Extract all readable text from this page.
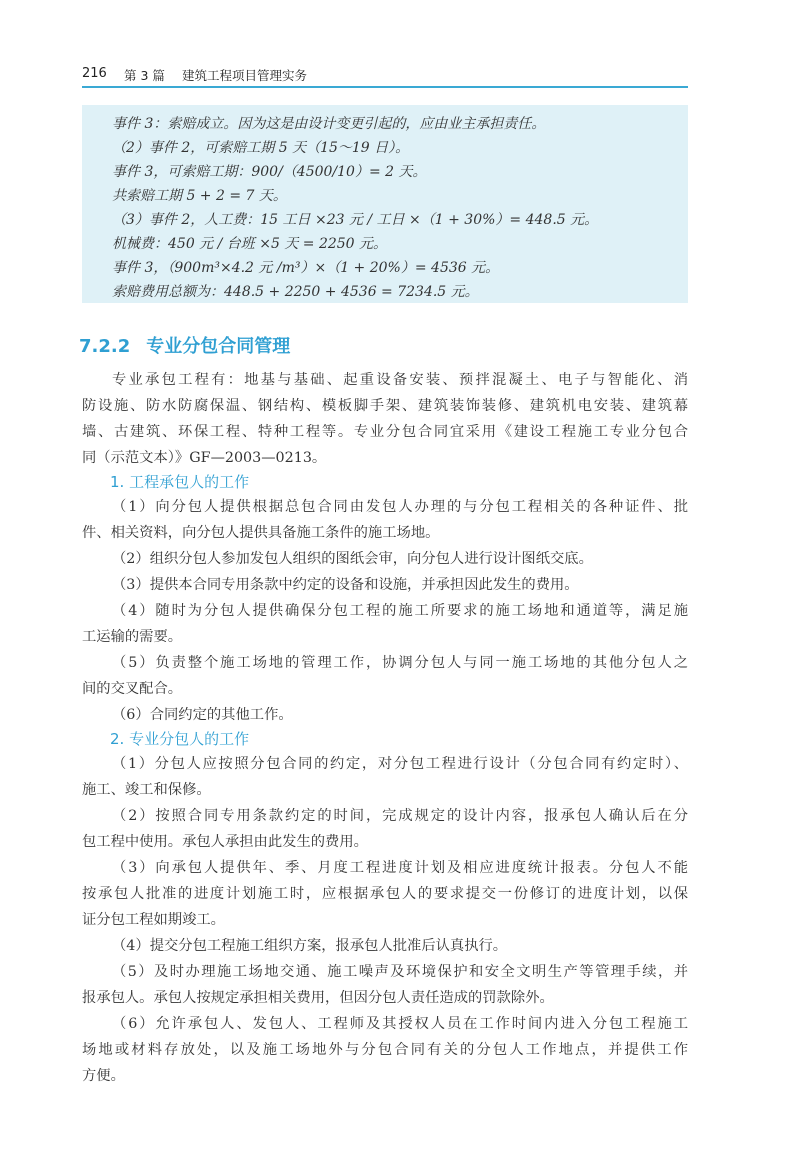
216 第 3 篇 建筑工程项目管理实务
事件 3：索赔成立。因为这是由设计变更引起的，应由业主承担责任。
（2）事件 2，可索赔工期 5 天（15～19 日）。
事件 3，可索赔工期：900/（4500/10）= 2 天。
共索赔工期 5 + 2 = 7 天。
（3）事件 2，人工费：15 工日 ×23 元 / 工日 ×（1 + 30%）= 448.5 元。
机械费：450 元 / 台班 ×5 天 = 2250 元。
事件 3，（900m³×4.2 元 /m³）×（1 + 20%）= 4536 元。
索赔费用总额为：448.5 + 2250 + 4536 = 7234.5 元。
7.2.2 专业分包合同管理
专业承包工程有：地基与基础、起重设备安装、预拌混凝土、电子与智能化、消
防设施、防水防腐保温、钢结构、模板脚手架、建筑装饰装修、建筑机电安装、建筑幕
墙、古建筑、环保工程、特种工程等。专业分包合同宜采用《建设工程施工专业分包合
同（示范文本）》GF—2003—0213。
1. 工程承包人的工作
（1）向分包人提供根据总包合同由发包人办理的与分包工程相关的各种证件、批
件、相关资料，向分包人提供具备施工条件的施工场地。
（2）组织分包人参加发包人组织的图纸会审，向分包人进行设计图纸交底。
（3）提供本合同专用条款中约定的设备和设施，并承担因此发生的费用。
（4）随时为分包人提供确保分包工程的施工所要求的施工场地和通道等，满足施
工运输的需要。
（5）负责整个施工场地的管理工作，协调分包人与同一施工场地的其他分包人之
间的交叉配合。
（6）合同约定的其他工作。
2. 专业分包人的工作
（1）分包人应按照分包合同的约定，对分包工程进行设计（分包合同有约定时）、
施工、竣工和保修。
（2）按照合同专用条款约定的时间，完成规定的设计内容，报承包人确认后在分
包工程中使用。承包人承担由此发生的费用。
（3）向承包人提供年、季、月度工程进度计划及相应进度统计报表。分包人不能
按承包人批准的进度计划施工时，应根据承包人的要求提交一份修订的进度计划，以保
证分包工程如期竣工。
（4）提交分包工程施工组织方案，报承包人批准后认真执行。
（5）及时办理施工场地交通、施工噪声及环境保护和安全文明生产等管理手续，并
报承包人。承包人按规定承担相关费用，但因分包人责任造成的罚款除外。
（6）允许承包人、发包人、工程师及其授权人员在工作时间内进入分包工程施工
场地或材料存放处，以及施工场地外与分包合同有关的分包人工作地点，并提供工作
方便。
